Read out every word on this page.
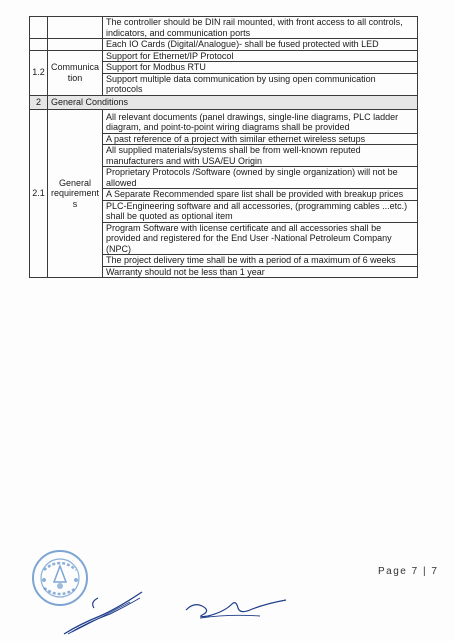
		The controller should be DIN rail mounted, with front access to all controls, indicators, and communication ports
		Each IO Cards (Digital/Analogue)- shall be fused protected with LED
1.2	Communica tion	Support for Ethernet/IP Protocol
		Support for Modbus RTU
		Support multiple data communication by using open communication protocols
2	General Conditions	
2.1	General requirement s	All relevant documents (panel drawings, single-line diagrams, PLC ladder diagram, and point-to-point wiring diagrams shall be provided
		A past reference of a project with similar ethernet wireless setups
		All supplied materials/systems shall be from well-known reputed manufacturers and with USA/EU Origin
		Proprietary Protocols /Software (owned by single organization) will not be allowed
		A Separate Recommended spare list shall be provided with breakup prices
		PLC-Engineering software and all accessories, (programming cables ...etc.) shall be quoted as optional item
		Program Software with license certificate and all accessories shall be provided and registered for the End User -National Petroleum Company (NPC)
		The project delivery time shall be with a period of a maximum of 6 weeks
		Warranty should not be less than 1 year
Page 7 | 7
